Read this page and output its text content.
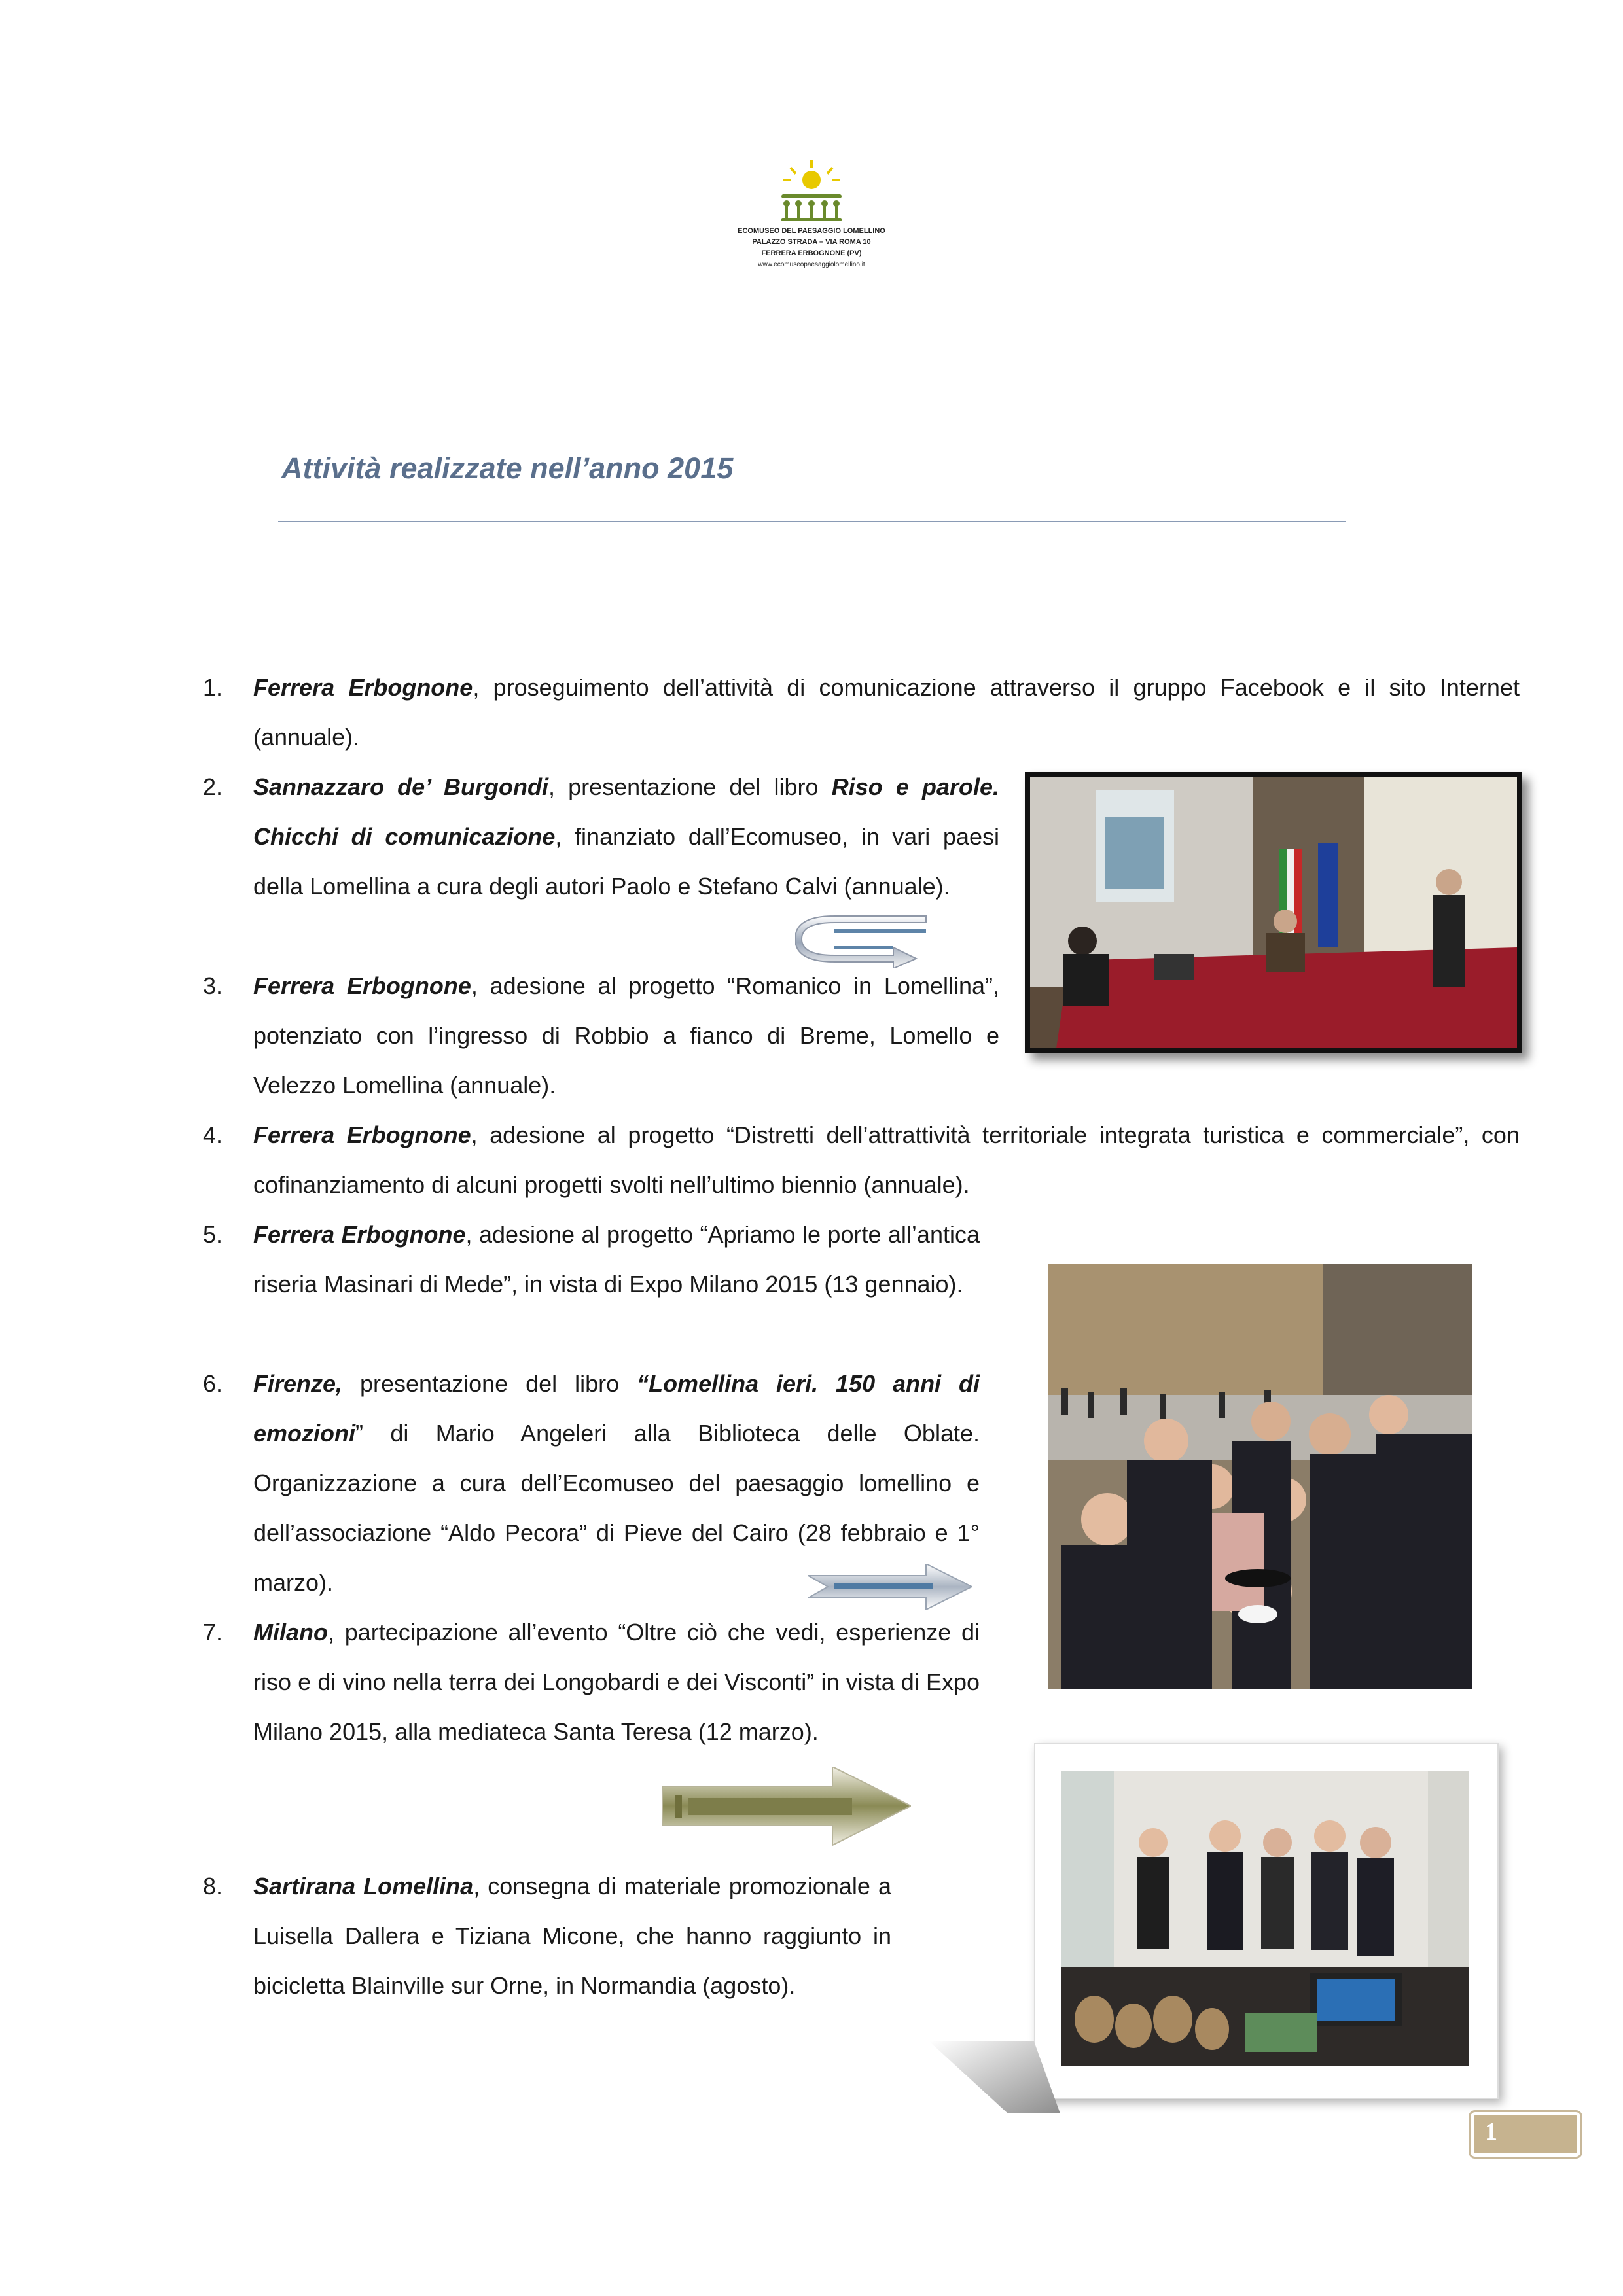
ECOMUSEO DEL PAESAGGIO LOMELLINO
PALAZZO STRADA – VIA ROMA 10
FERRERA ERBOGNONE (PV)
www.ecomuseopaesaggiolomellino.it
Attività realizzate nell’anno 2015
1.	Ferrera Erbognone, proseguimento dell’attività di comunicazione attraverso il gruppo Facebook e il sito Internet (annuale).
2.	Sannazzaro de’ Burgondi, presentazione del libro Riso e parole. Chicchi di comunicazione, finanziato dall’Ecomuseo, in vari paesi della Lomellina a cura degli autori Paolo e Stefano Calvi (annuale).
3.	Ferrera Erbognone, adesione al progetto “Romanico in Lomellina”, potenziato con l’ingresso di Robbio a fianco di Breme, Lomello e Velezzo Lomellina (annuale).
4.	Ferrera Erbognone, adesione al progetto “Distretti dell’attrattività territoriale integrata turistica e commerciale”, con cofinanziamento di alcuni progetti svolti nell’ultimo biennio (annuale).
5.	Ferrera Erbognone, adesione al progetto “Apriamo le porte all’antica riseria Masinari di Mede”, in vista di Expo Milano 2015 (13 gennaio).
6.	Firenze, presentazione del libro “Lomellina ieri. 150 anni di emozioni” di Mario Angeleri alla Biblioteca delle Oblate. Organizzazione a cura dell’Ecomuseo del paesaggio lomellino e dell’associazione “Aldo Pecora” di Pieve del Cairo (28 febbraio e 1° marzo).
7.	Milano, partecipazione all’evento “Oltre ciò che vedi, esperienze di riso e di vino nella terra dei Longobardi e dei Visconti” in vista di Expo Milano 2015, alla mediateca Santa Teresa (12 marzo).
8.	Sartirana Lomellina, consegna di materiale promozionale a Luisella Dallera e Tiziana Micone, che hanno raggiunto in bicicletta Blainville sur Orne, in Normandia (agosto).
1
